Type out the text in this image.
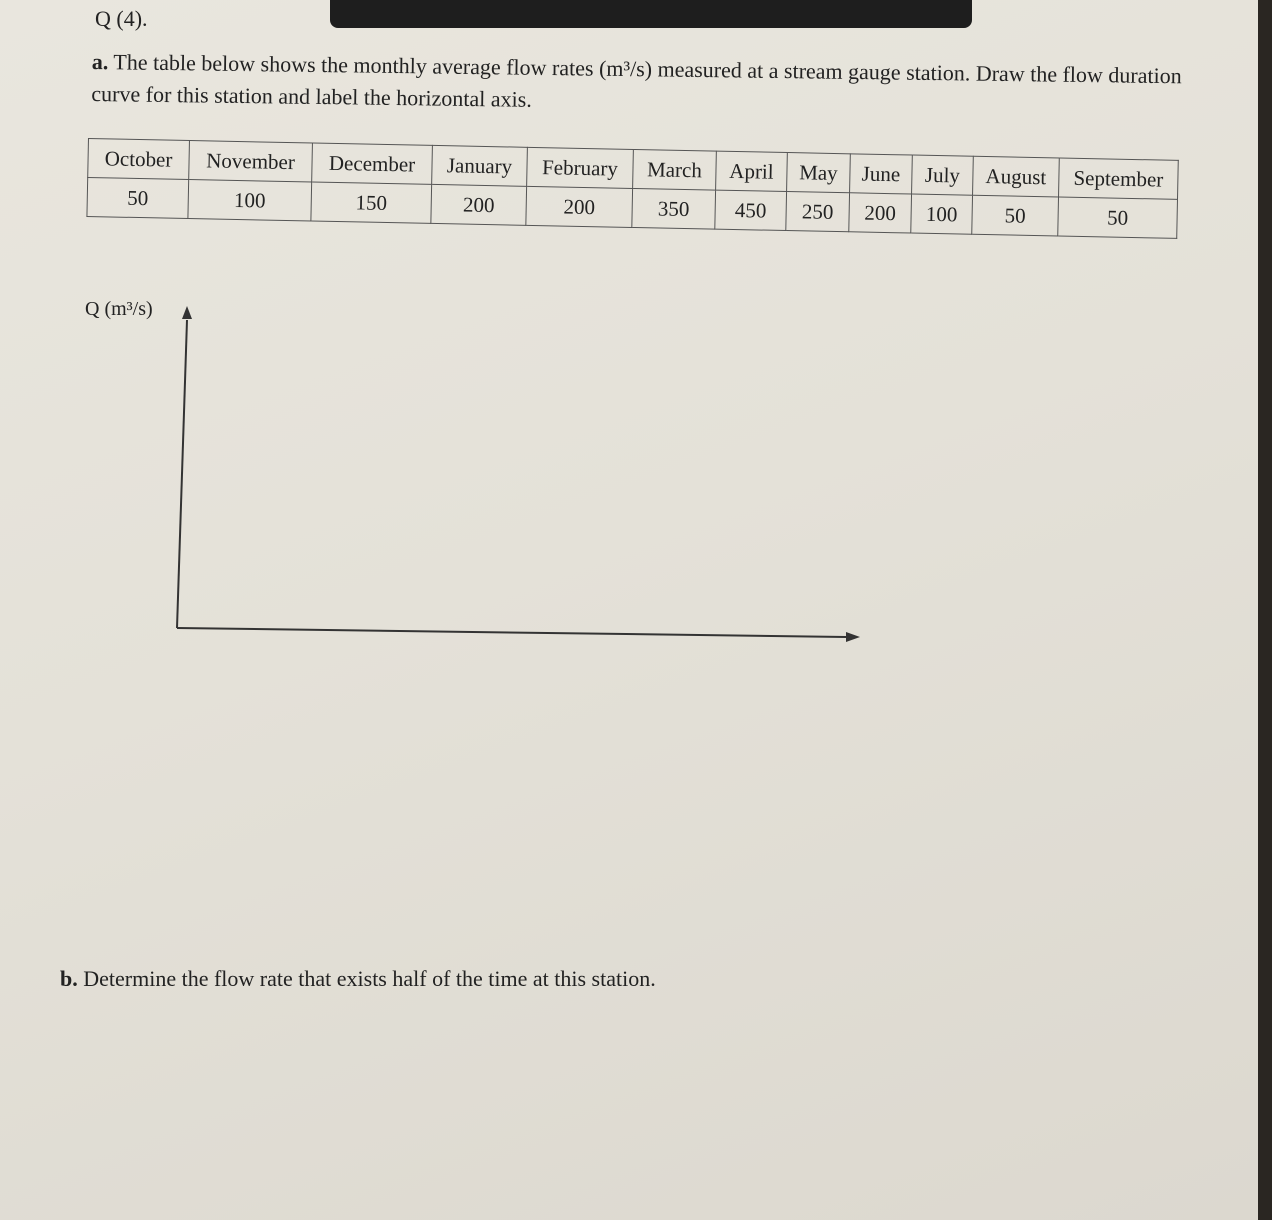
Q (4).
a. The table below shows the monthly average flow rates (m³/s) measured at a stream gauge station. Draw the flow duration curve for this station and label the horizontal axis.
October	November	December	January	February	March	April	May	June	July	August	September
50	100	150	200	200	350	450	250	200	100	50	50
Q (m³/s)
b. Determine the flow rate that exists half of the time at this station.
